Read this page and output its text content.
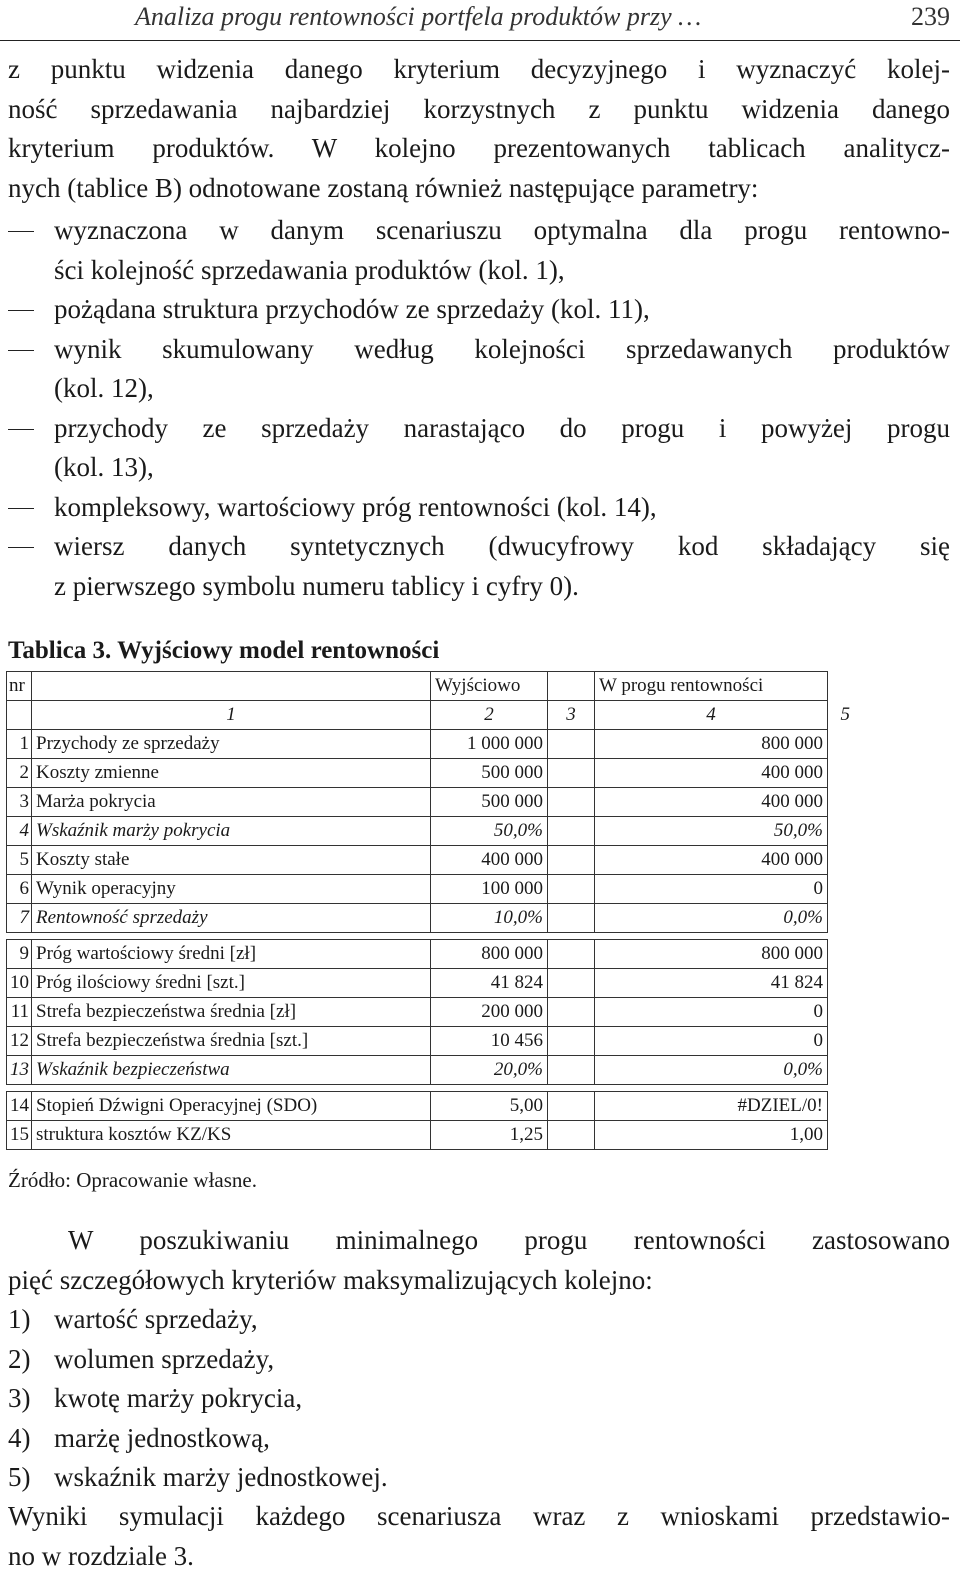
Analiza progu rentowności portfela produktów przy …	239
z punktu widzenia danego kryterium decyzyjnego i wyznaczyć kolej-
ność sprzedawania najbardziej korzystnych z punktu widzenia danego
kryterium produktów. W kolejno prezentowanych tablicach analitycz-
nych (tablice B) odnotowane zostaną również następujące parametry:
wyznaczona w danym scenariuszu optymalna dla progu rentowno-
ści kolejność sprzedawania produktów (kol. 1),
pożądana struktura przychodów ze sprzedaży (kol. 11),
wynik skumulowany według kolejności sprzedawanych produktów
(kol. 12),
przychody ze sprzedaży narastająco do progu i powyżej progu
(kol. 13),
kompleksowy, wartościowy próg rentowności (kol. 14),
wiersz danych syntetycznych (dwucyfrowy kod składający się
z pierwszego symbolu numeru tablicy i cyfry 0).
Tablica 3. Wyjściowy model rentowności
nr		Wyjściowo		W progu rentowności	
	1	2	3	4	5
1	Przychody ze sprzedaży	1 000 000		800 000	
2	Koszty zmienne	500 000		400 000	
3	Marża pokrycia	500 000		400 000	
4	Wskaźnik marży pokrycia	50,0%		50,0%	
5	Koszty stałe	400 000		400 000	
6	Wynik operacyjny	100 000		0	
7	Rentowność sprzedaży	10,0%		0,0%	

9	Próg wartościowy średni [zł]	800 000		800 000	
10	Próg ilościowy średni [szt.]	41 824		41 824	
11	Strefa bezpieczeństwa średnia [zł]	200 000		0	
12	Strefa bezpieczeństwa średnia [szt.]	10 456		0	
13	Wskaźnik bezpieczeństwa	20,0%		0,0%	

14	Stopień Dźwigni Operacyjnej (SDO)	5,00		#DZIEL/0!	
15	struktura kosztów KZ/KS	1,25		1,00	
Źródło: Opracowanie własne.
W poszukiwaniu minimalnego progu rentowności zastosowano
pięć szczegółowych kryteriów maksymalizujących kolejno:
1) wartość sprzedaży,
2) wolumen sprzedaży,
3) kwotę marży pokrycia,
4) marżę jednostkową,
5) wskaźnik marży jednostkowej.
Wyniki symulacji każdego scenariusza wraz z wnioskami przedstawio-
no w rozdziale 3.
